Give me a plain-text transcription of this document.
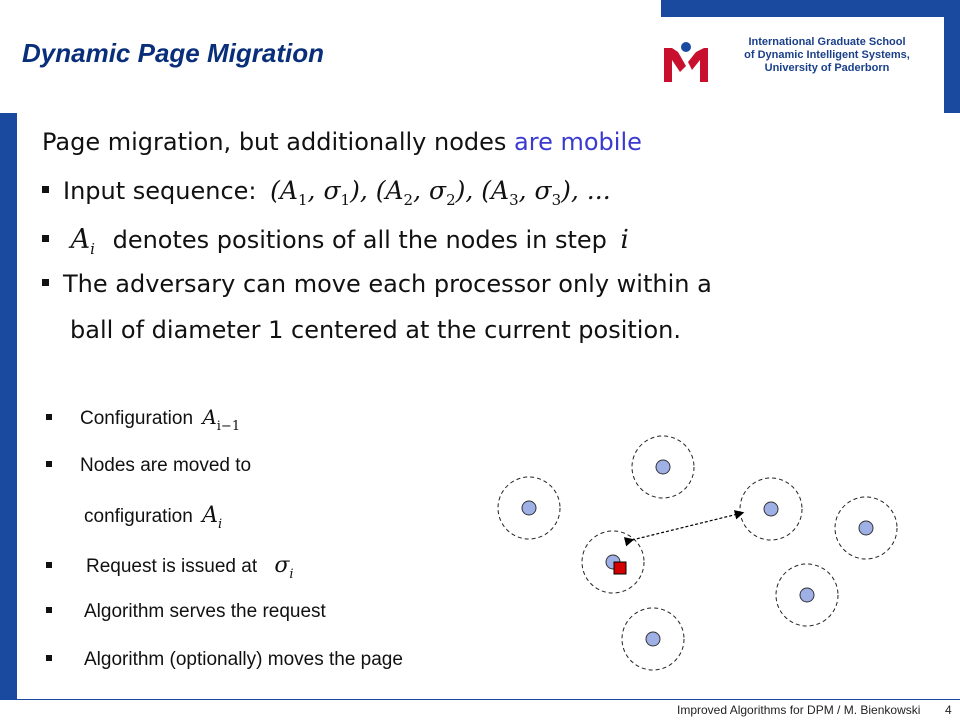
Dynamic Page Migration	International Graduate School
of Dynamic Intelligent Systems,
University of Paderborn
Page migration, but additionally nodes are mobile
Input sequence: ($A_1$, $\sigma_1$), ($A_2$, $\sigma_2$), ($A_3$, $\sigma_3$), ...
$A_i$ denotes positions of all the nodes in step i
The adversary can move each processor only within a
ball of diameter 1 centered at the current position.
Configuration $A_{i-1}$
Nodes are moved to
configuration $A_i$
Request is issued at $\sigma_i$
Algorithm serves the request
Algorithm (optionally) moves the page
Improved Algorithms for DPM / M. Bienkowski 4
